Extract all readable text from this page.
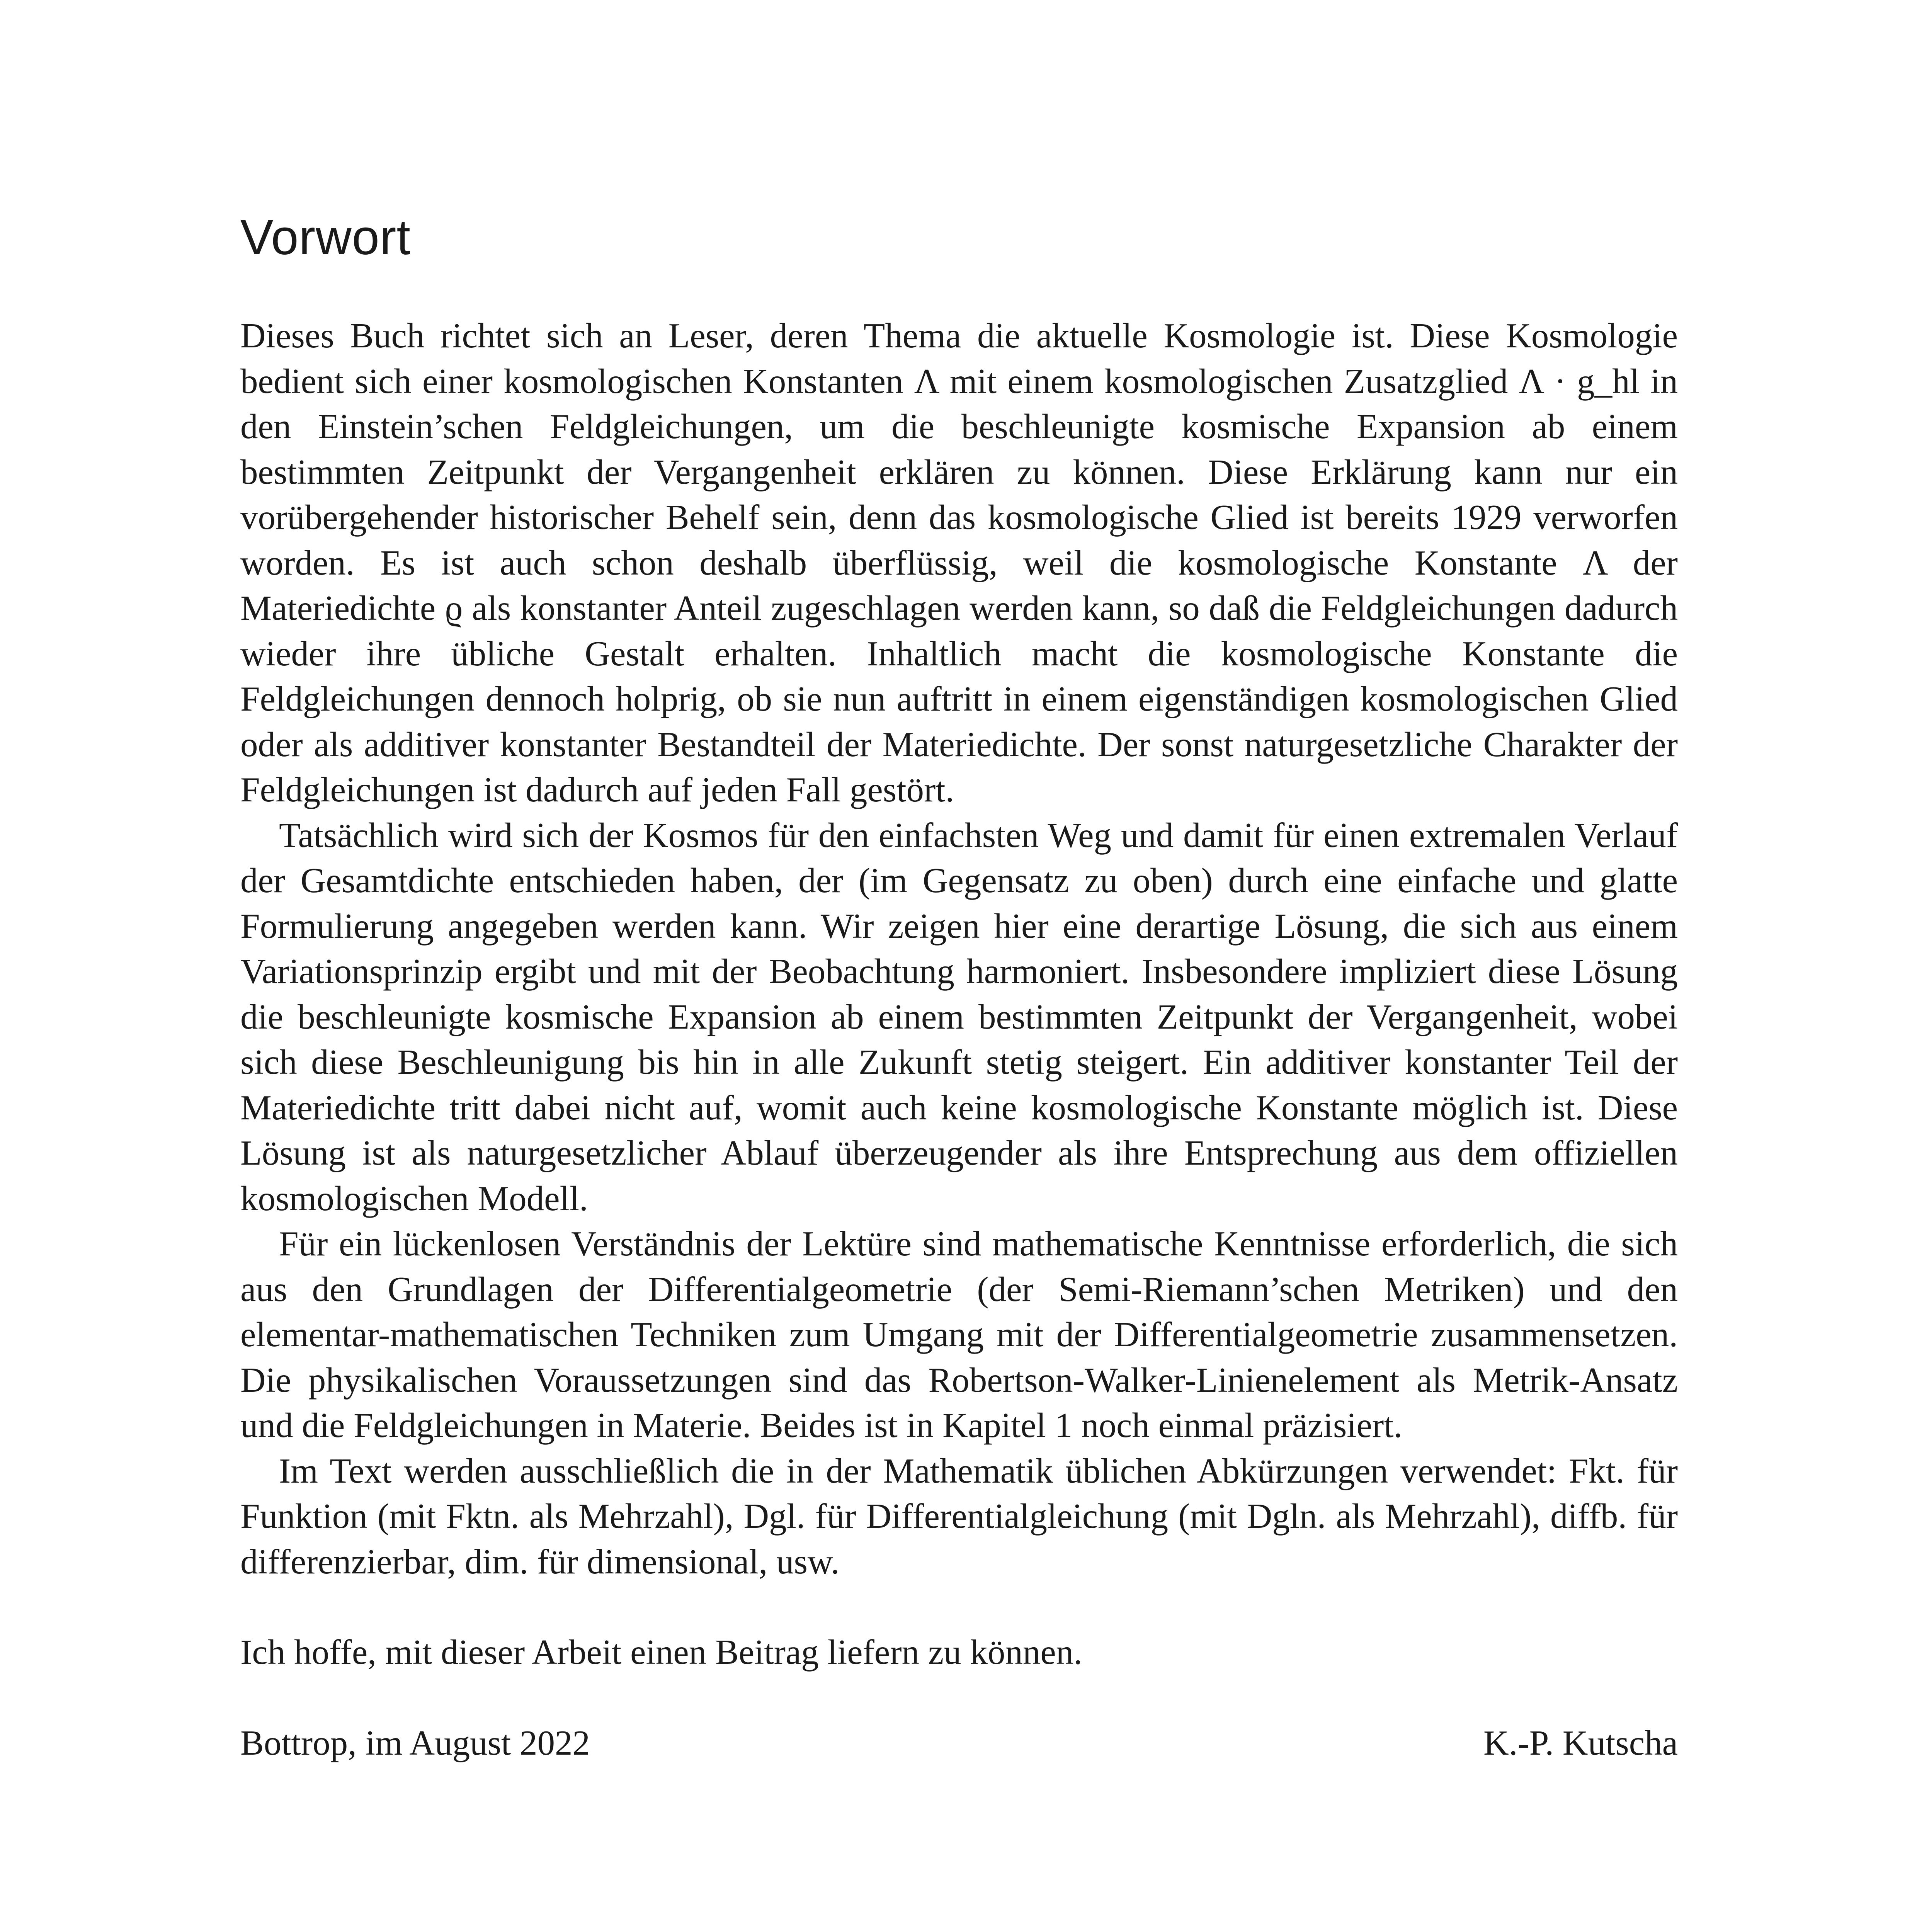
Vorwort

Dieses Buch richtet sich an Leser, deren Thema die aktuelle Kosmologie ist. Diese Kosmologie bedient sich einer kosmologischen Konstanten Λ mit einem kosmologischen Zusatzglied Λ · g_hl in den Einstein’schen Feldgleichungen, um die beschleunigte kosmische Expansion ab einem bestimmten Zeitpunkt der Vergangenheit erklären zu können. Diese Erklärung kann nur ein vorübergehender historischer Behelf sein, denn das kosmologische Glied ist bereits 1929 verworfen worden. Es ist auch schon deshalb überflüssig, weil die kosmologische Konstante Λ der Materiedichte ϱ als konstanter Anteil zugeschlagen werden kann, so daß die Feldgleichungen dadurch wieder ihre übliche Gestalt erhalten. Inhaltlich macht die kosmologische Konstante die Feldgleichungen dennoch holprig, ob sie nun auftritt in einem eigenständigen kosmologischen Glied oder als additiver konstanter Bestandteil der Materiedichte. Der sonst naturgesetzliche Charakter der Feldgleichungen ist dadurch auf jeden Fall gestört.

Tatsächlich wird sich der Kosmos für den einfachsten Weg und damit für einen extremalen Verlauf der Gesamtdichte entschieden haben, der (im Gegensatz zu oben) durch eine einfache und glatte Formulierung angegeben werden kann. Wir zeigen hier eine derartige Lösung, die sich aus einem Variationsprinzip ergibt und mit der Beobachtung harmoniert. Insbesondere impliziert diese Lösung die beschleunigte kosmische Expansion ab einem bestimmten Zeitpunkt der Vergangenheit, wobei sich diese Beschleunigung bis hin in alle Zukunft stetig steigert. Ein additiver konstanter Teil der Materiedichte tritt dabei nicht auf, womit auch keine kosmologische Konstante möglich ist. Diese Lösung ist als naturgesetzlicher Ablauf überzeugender als ihre Entsprechung aus dem offiziellen kosmologischen Modell.

Für ein lückenlosen Verständnis der Lektüre sind mathematische Kenntnisse erforderlich, die sich aus den Grundlagen der Differentialgeometrie (der Semi-Riemann’schen Metriken) und den elementar-mathematischen Techniken zum Umgang mit der Differentialgeometrie zusammensetzen. Die physikalischen Voraussetzungen sind das Robertson-Walker-Linienelement als Metrik-Ansatz und die Feldgleichungen in Materie. Beides ist in Kapitel 1 noch einmal präzisiert.

Im Text werden ausschließlich die in der Mathematik üblichen Abkürzungen verwendet: Fkt. für Funktion (mit Fktn. als Mehrzahl), Dgl. für Differentialgleichung (mit Dgln. als Mehrzahl), diffb. für differenzierbar, dim. für dimensional, usw.

Ich hoffe, mit dieser Arbeit einen Beitrag liefern zu können.

Bottrop, im August 2022	K.-P. Kutscha
